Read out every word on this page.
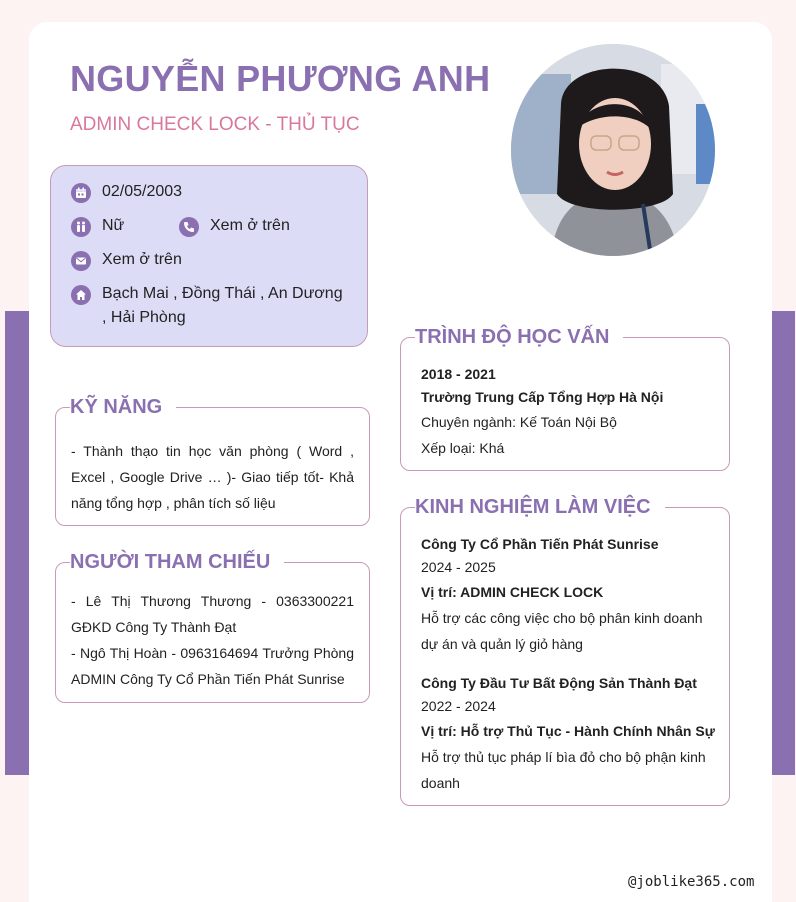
NGUYỄN PHƯƠNG ANH
ADMIN CHECK LOCK - THỦ TỤC
02/05/2003
Nữ	Xem ở trên
Xem ở trên
Bạch Mai , Đồng Thái , An Dương , Hải Phòng
KỸ NĂNG
- Thành thạo tin học văn phòng ( Word , Excel , Google Drive … )- Giao tiếp tốt- Khả năng tổng hợp , phân tích số liệu
NGƯỜI THAM CHIẾU
- Lê Thị Thương Thương - 0363300221 GĐKD Công Ty Thành Đạt
- Ngô Thị Hoàn - 0963164694 Trưởng Phòng ADMIN Công Ty Cổ Phần Tiến Phát Sunrise
TRÌNH ĐỘ HỌC VẤN
2018 - 2021
Trường Trung Cấp Tổng Hợp Hà Nội
Chuyên ngành: Kế Toán Nội Bộ
Xếp loại: Khá
KINH NGHIỆM LÀM VIỆC
Công Ty Cổ Phần Tiến Phát Sunrise
2024 - 2025
Vị trí: ADMIN CHECK LOCK
Hỗ trợ các công việc cho bộ phân kinh doanh dự án và quản lý giỏ hàng
Công Ty Đầu Tư Bất Động Sản Thành Đạt
2022 - 2024
Vị trí: Hỗ trợ Thủ Tục - Hành Chính Nhân Sự
Hỗ trợ thủ tục pháp lí bìa đỏ cho bộ phận kinh doanh
@joblike365.com
